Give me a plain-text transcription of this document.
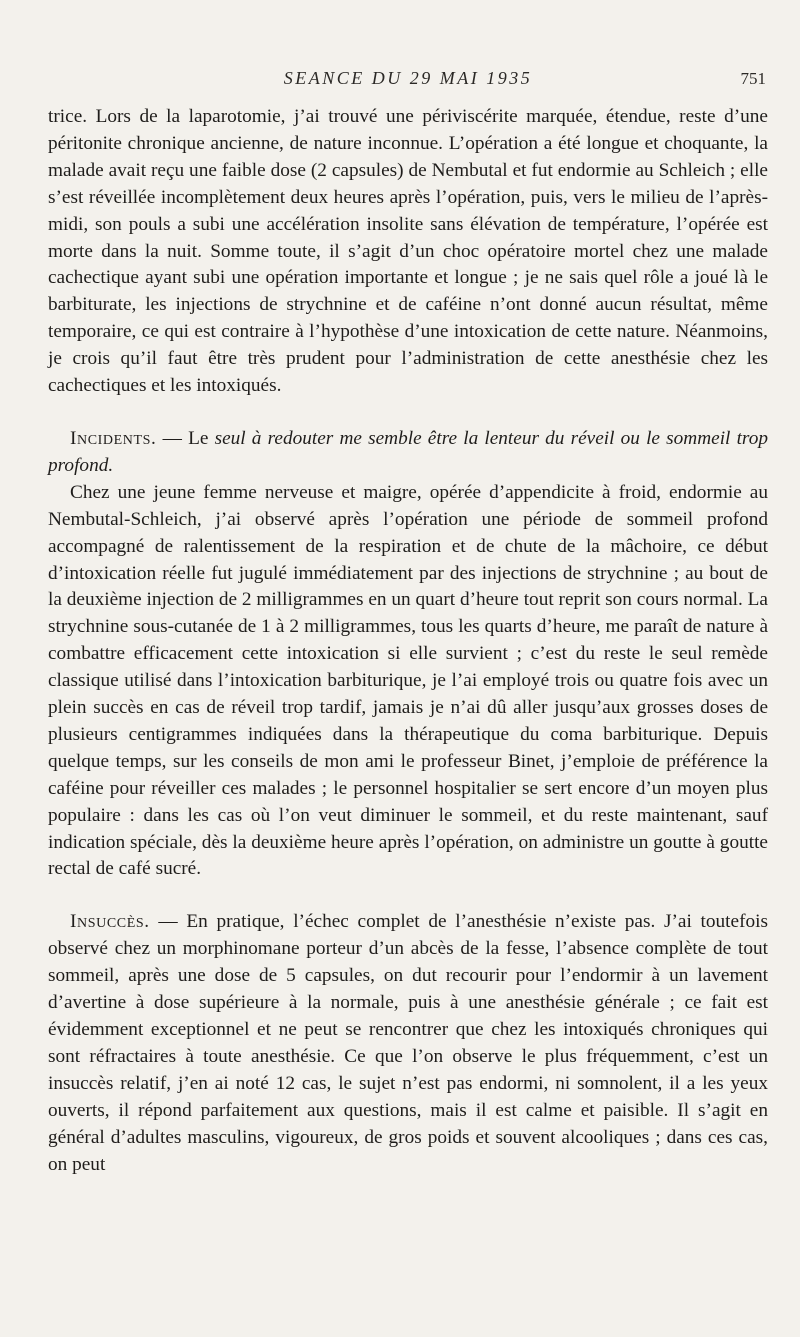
SEANCE DU 29 MAI 1935	751

trice. Lors de la laparotomie, j’ai trouvé une périviscérite marquée, étendue, reste d’une péritonite chronique ancienne, de nature inconnue. L’opération a été longue et choquante, la malade avait reçu une faible dose (2 capsules) de Nembutal et fut endormie au Schleich ; elle s’est réveillée incomplètement deux heures après l’opération, puis, vers le milieu de l’après-midi, son pouls a subi une accélération insolite sans élévation de température, l’opérée est morte dans la nuit. Somme toute, il s’agit d’un choc opératoire mortel chez une malade cachectique ayant subi une opération importante et longue ; je ne sais quel rôle a joué là le barbiturate, les injections de strychnine et de caféine n’ont donné aucun résultat, même temporaire, ce qui est contraire à l’hypothèse d’une intoxication de cette nature. Néanmoins, je crois qu’il faut être très prudent pour l’administration de cette anesthésie chez les cachectiques et les intoxiqués.

Incidents. — Le seul à redouter me semble être la lenteur du réveil ou le sommeil trop profond.

Chez une jeune femme nerveuse et maigre, opérée d’appendicite à froid, endormie au Nembutal-Schleich, j’ai observé après l’opération une période de sommeil profond accompagné de ralentissement de la respiration et de chute de la mâchoire, ce début d’intoxication réelle fut jugulé immédiatement par des injections de strychnine ; au bout de la deuxième injection de 2 milligrammes en un quart d’heure tout reprit son cours normal. La strychnine sous-cutanée de 1 à 2 milligrammes, tous les quarts d’heure, me paraît de nature à combattre efficacement cette intoxication si elle survient ; c’est du reste le seul remède classique utilisé dans l’intoxication barbiturique, je l’ai employé trois ou quatre fois avec un plein succès en cas de réveil trop tardif, jamais je n’ai dû aller jusqu’aux grosses doses de plusieurs centigrammes indiquées dans la thérapeutique du coma barbiturique. Depuis quelque temps, sur les conseils de mon ami le professeur Binet, j’emploie de préférence la caféine pour réveiller ces malades ; le personnel hospitalier se sert encore d’un moyen plus populaire : dans les cas où l’on veut diminuer le sommeil, et du reste maintenant, sauf indication spéciale, dès la deuxième heure après l’opération, on administre un goutte à goutte rectal de café sucré.

Insuccès. — En pratique, l’échec complet de l’anesthésie n’existe pas. J’ai toutefois observé chez un morphinomane porteur d’un abcès de la fesse, l’absence complète de tout sommeil, après une dose de 5 capsules, on dut recourir pour l’endormir à un lavement d’avertine à dose supérieure à la normale, puis à une anesthésie générale ; ce fait est évidemment exceptionnel et ne peut se rencontrer que chez les intoxiqués chroniques qui sont réfractaires à toute anesthésie. Ce que l’on observe le plus fréquemment, c’est un insuccès relatif, j’en ai noté 12 cas, le sujet n’est pas endormi, ni somnolent, il a les yeux ouverts, il répond parfaitement aux questions, mais il est calme et paisible. Il s’agit en général d’adultes masculins, vigoureux, de gros poids et souvent alcooliques ; dans ces cas, on peut
